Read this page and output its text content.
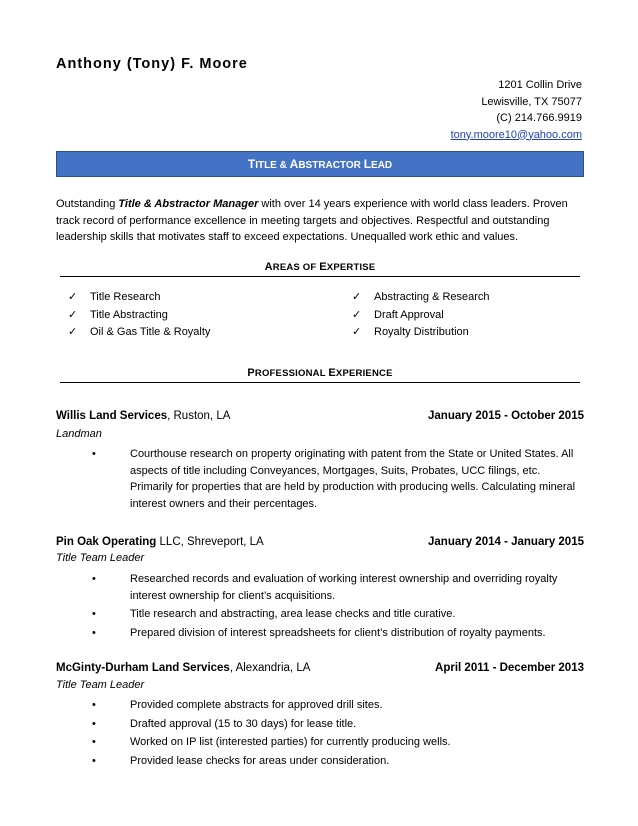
Anthony (Tony) F. Moore
1201 Collin Drive
Lewisville, TX 75077
(C) 214.766.9919
tony.moore10@yahoo.com
TITLE & ABSTRACTOR LEAD
Outstanding Title & Abstractor Manager with over 14 years experience with world class leaders. Proven track record of performance excellence in meeting targets and objectives. Respectful and outstanding leadership skills that motivates staff to exceed expectations. Unequalled work ethic and values.
AREAS OF EXPERTISE
✓ Title Research
✓ Title Abstracting
✓ Oil & Gas Title & Royalty
✓ Abstracting & Research
✓ Draft Approval
✓ Royalty Distribution
PROFESSIONAL EXPERIENCE
Willis Land Services, Ruston, LA	January 2015 - October 2015
Landman
•	Courthouse research on property originating with patent from the State or United States. All aspects of title including Conveyances, Mortgages, Suits, Probates, UCC filings, etc. Primarily for properties that are held by production with producing wells. Calculating mineral interest owners and their percentages.
Pin Oak Operating LLC, Shreveport, LA	January 2014 - January 2015
Title Team Leader
•	Researched records and evaluation of working interest ownership and overriding royalty interest ownership for client’s acquisitions.
•	Title research and abstracting, area lease checks and title curative.
•	Prepared division of interest spreadsheets for client’s distribution of royalty payments.
McGinty-Durham Land Services, Alexandria, LA	April 2011 - December 2013
Title Team Leader
•	Provided complete abstracts for approved drill sites.
•	Drafted approval (15 to 30 days) for lease title.
•	Worked on IP list (interested parties) for currently producing wells.
•	Provided lease checks for areas under consideration.
